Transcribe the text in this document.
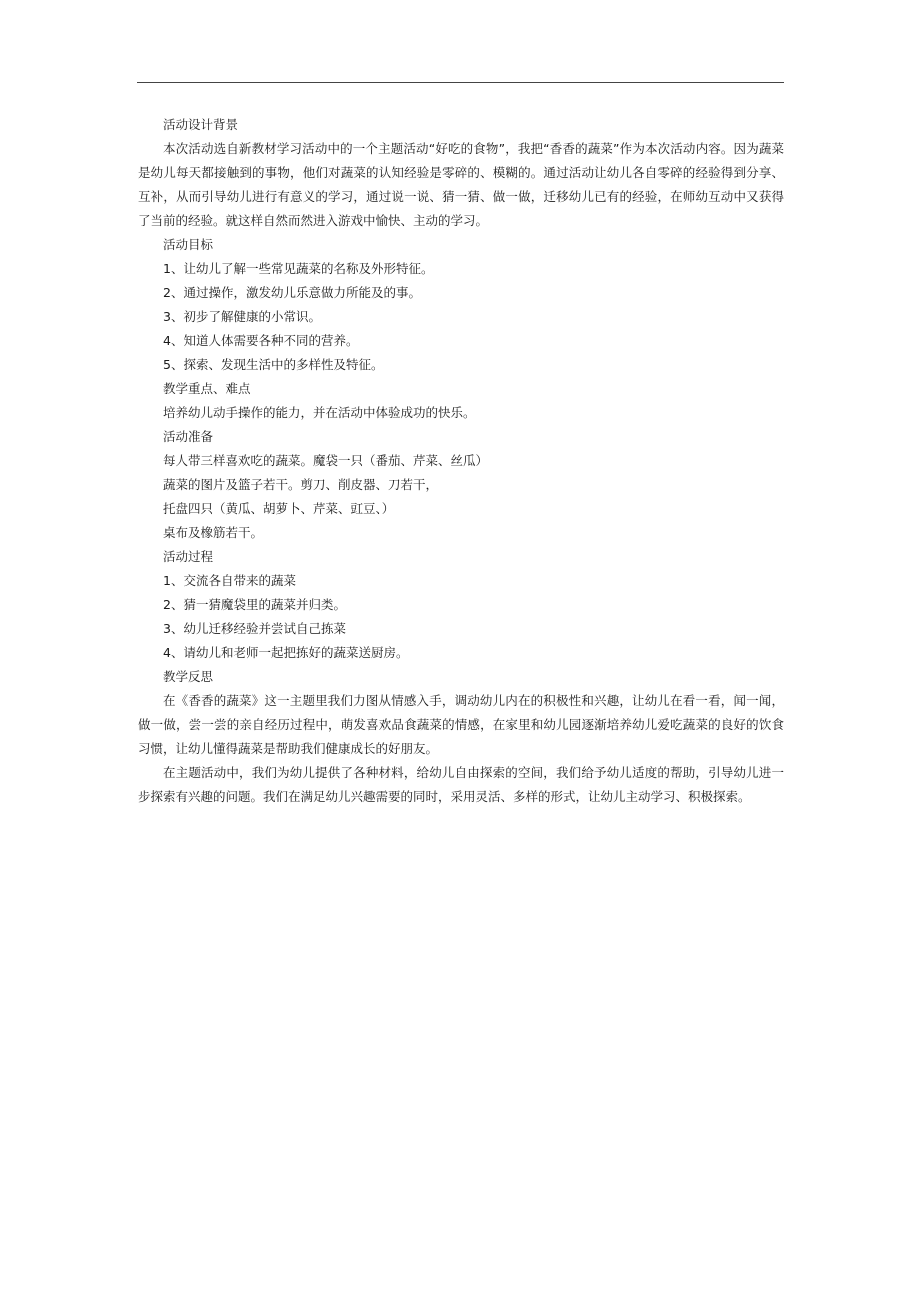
活动设计背景
本次活动选自新教材学习活动中的一个主题活动“好吃的食物”，我把“香香的蔬菜”作为本次活动内容。因为蔬菜是幼儿每天都接触到的事物，他们对蔬菜的认知经验是零碎的、模糊的。通过活动让幼儿各自零碎的经验得到分享、互补，从而引导幼儿进行有意义的学习，通过说一说、猜一猜、做一做，迁移幼儿已有的经验，在师幼互动中又获得了当前的经验。就这样自然而然进入游戏中愉快、主动的学习。
活动目标
1、让幼儿了解一些常见蔬菜的名称及外形特征。
2、通过操作，激发幼儿乐意做力所能及的事。
3、初步了解健康的小常识。
4、知道人体需要各种不同的营养。
5、探索、发现生活中的多样性及特征。
教学重点、难点
培养幼儿动手操作的能力，并在活动中体验成功的快乐。
活动准备
每人带三样喜欢吃的蔬菜。魔袋一只（番茄、芹菜、丝瓜）
蔬菜的图片及篮子若干。剪刀、削皮器、刀若干，
托盘四只（黄瓜、胡萝卜、芹菜、豇豆、）
桌布及橡筋若干。
活动过程
1、交流各自带来的蔬菜
2、猜一猜魔袋里的蔬菜并归类。
3、幼儿迁移经验并尝试自己拣菜
4、请幼儿和老师一起把拣好的蔬菜送厨房。
教学反思
在《香香的蔬菜》这一主题里我们力图从情感入手，调动幼儿内在的积极性和兴趣，让幼儿在看一看，闻一闻，做一做，尝一尝的亲自经历过程中，萌发喜欢品食蔬菜的情感，在家里和幼儿园逐渐培养幼儿爱吃蔬菜的良好的饮食习惯，让幼儿懂得蔬菜是帮助我们健康成长的好朋友。
在主题活动中，我们为幼儿提供了各种材料，给幼儿自由探索的空间，我们给予幼儿适度的帮助，引导幼儿进一步探索有兴趣的问题。我们在满足幼儿兴趣需要的同时，采用灵活、多样的形式，让幼儿主动学习、积极探索。
